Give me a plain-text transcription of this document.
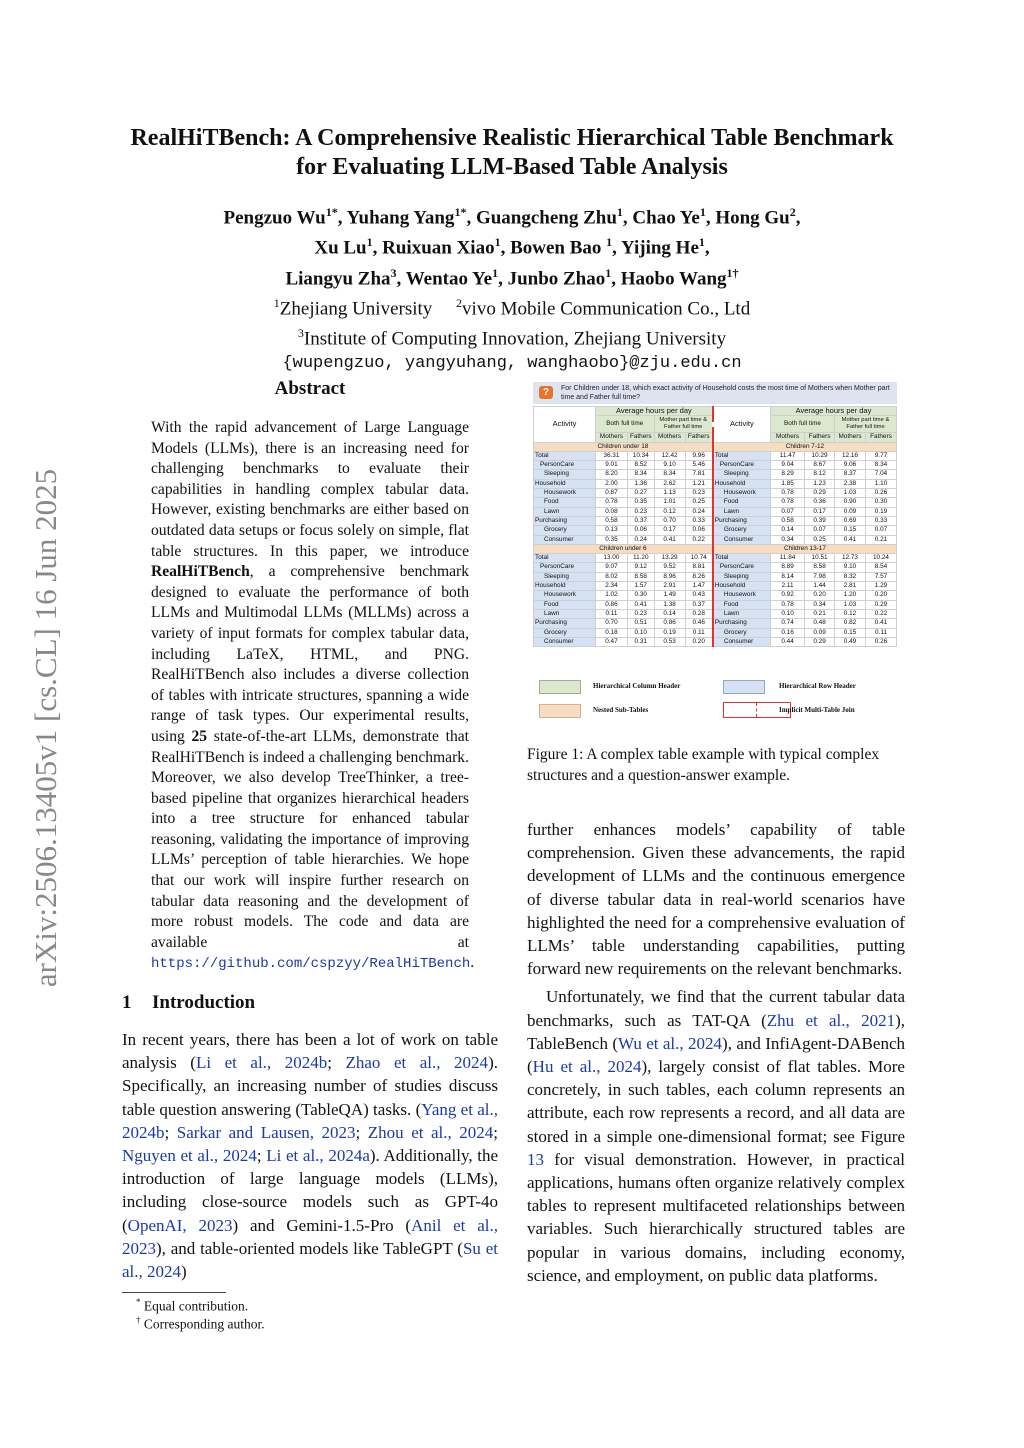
arXiv:2506.13405v1 [cs.CL] 16 Jun 2025
RealHiTBench: A Comprehensive Realistic Hierarchical Table Benchmark
for Evaluating LLM-Based Table Analysis
Pengzuo $Wu^{1*}$, Yuhang Yang$^{1*}$, Guangcheng Zhu$^1$, Chao Ye$^1$, Hong Gu$^2$,
Xu Lu$^1$, Ruixuan Xiao$^1$, Bowen Bao $^1$, Yijing He$^1$,
Liangyu Zha$^3$, Wentao Ye$^1$, Junbo Zhao$^1$, Haobo Wang$^{1\dagger}$
$^1$Zhejiang University $^2$vivo Mobile Communication Co., Ltd
$^3$Institute of Computing Innovation, Zhejiang University
{wupengzuo, yangyuhang, wanghaobo}@zju.edu.cn
Abstract
With the rapid advancement of Large Language Models (LLMs), there is an increasing need for challenging benchmarks to evaluate their capabilities in handling complex tabular data. However, existing benchmarks are either based on outdated data setups or focus solely on simple, flat table structures. In this paper, we introduce RealHiTBench, a comprehensive benchmark designed to evaluate the performance of both LLMs and Multimodal LLMs (MLLMs) across a variety of input formats for complex tabular data, including LaTeX, HTML, and PNG. RealHiTBench also includes a diverse collection of tables with intricate structures, spanning a wide range of task types. Our experimental results, using 25 state-of-the-art LLMs, demonstrate that RealHiTBench is indeed a challenging benchmark. Moreover, we also develop TreeThinker, a tree-based pipeline that organizes hierarchical headers into a tree structure for enhanced tabular reasoning, validating the importance of improving LLMs’ perception of table hierarchies. We hope that our work will inspire further research on tabular data reasoning and the development of more robust models. The code and data are available at https://github.com/cspzyy/RealHiTBench.
1 Introduction

In recent years, there has been a lot of work on table analysis (Li et al., 2024b; Zhao et al., 2024). Specifically, an increasing number of studies discuss table question answering (TableQA) tasks. (Yang et al., 2024b; Sarkar and Lausen, 2023; Zhou et al., 2024; Nguyen et al., 2024; Li et al., 2024a). Additionally, the introduction of large language models (LLMs), including close-source models such as GPT-4o (OpenAI, 2023) and Gemini-1.5-Pro (Anil et al., 2023), and table-oriented models like TableGPT (Su et al., 2024)

* Equal contribution.
† Corresponding author.
?	For Children under 18, which exact activity of Household costs the most time of Mothers when Mother part time and Father full time?
Activity	Average hours per day				Activity	Average hours per day			
	Both full time		Mother part time & Father full time			Both full time		Mother part time & Father full time	
	Mothers	Fathers	Mothers	Fathers		Mothers	Fathers	Mothers	Fathers
Children under 18					Children 7-12				
Total	36.31	10.34	12.42	9.96	Total	11.47	10.29	12.16	9.77
PersonCare	9.01	8.52	9.10	5.46	PersonCare	9.04	8.67	9.06	8.34
Sleeping	8.20	8.34	8.34	7.81	Sleeping	8.29	8.12	8.37	7.04
Household	2.00	1.36	2.62	1.21	Household	1.85	1.23	2.38	1.10
Housework	0.87	0.27	1.13	0.23	Housework	0.78	0.29	1.03	0.26
Food	0.78	0.35	1.01	0.25	Food	0.78	0.36	0.90	0.30
Lawn	0.08	0.23	0.12	0.24	Lawn	0.07	0.17	0.09	0.19
Purchasing	0.58	0.37	0.70	0.33	Purchasing	0.58	0.39	0.69	0.33
Grocery	0.13	0.06	0.17	0.06	Grocery	0.14	0.07	0.15	0.07
Consumer	0.35	0.24	0.41	0.22	Consumer	0.34	0.25	0.41	0.21
Children under 6					Children 13-17				
Total	13.00	11.20	13.29	10.74	Total	11.84	10.51	12.73	10.24
PersonCare	9.07	9.12	9.52	8.81	PersonCare	8.89	8.58	9.10	8.54
Sleeping	8.02	8.58	8.96	8.26	Sleeping	8.14	7.98	8.32	7.57
Household	2.34	1.57	2.91	1.47	Household	2.11	1.44	2.81	1.29
Housework	1.02	0.30	1.49	0.43	Housework	0.92	0.20	1.20	0.20
Food	0.86	0.41	1.38	0.37	Food	0.78	0.34	1.03	0.29
Lawn	0.11	0.23	0.14	0.28	Lawn	0.10	0.21	0.12	0.22
Purchasing	0.70	0.51	0.86	0.46	Purchasing	0.74	0.48	0.82	0.41
Grocery	0.18	0.10	0.19	0.11	Grocery	0.16	0.09	0.15	0.11
Consumer	0.47	0.31	0.53	0.20	Consumer	0.44	0.29	0.49	0.26
Hierarchical Column Header	Hierarchical Row Header
Nested Sub-Tables	Implicit Multi-Table Join
Figure 1: A complex table example with typical complex structures and a question-answer example.

further enhances models’ capability of table comprehension. Given these advancements, the rapid development of LLMs and the continuous emergence of diverse tabular data in real-world scenarios have highlighted the need for a comprehensive evaluation of LLMs’ table understanding capabilities, putting forward new requirements on the relevant benchmarks.

Unfortunately, we find that the current tabular data benchmarks, such as TAT-QA (Zhu et al., 2021), TableBench (Wu et al., 2024), and InfiAgent-DABench (Hu et al., 2024), largely consist of flat tables. More concretely, in such tables, each column represents an attribute, each row represents a record, and all data are stored in a simple one-dimensional format; see Figure 13 for visual demonstration. However, in practical applications, humans often organize relatively complex tables to represent multifaceted relationships between variables. Such hierarchically structured tables are popular in various domains, including economy, science, and employment, on public data platforms.
